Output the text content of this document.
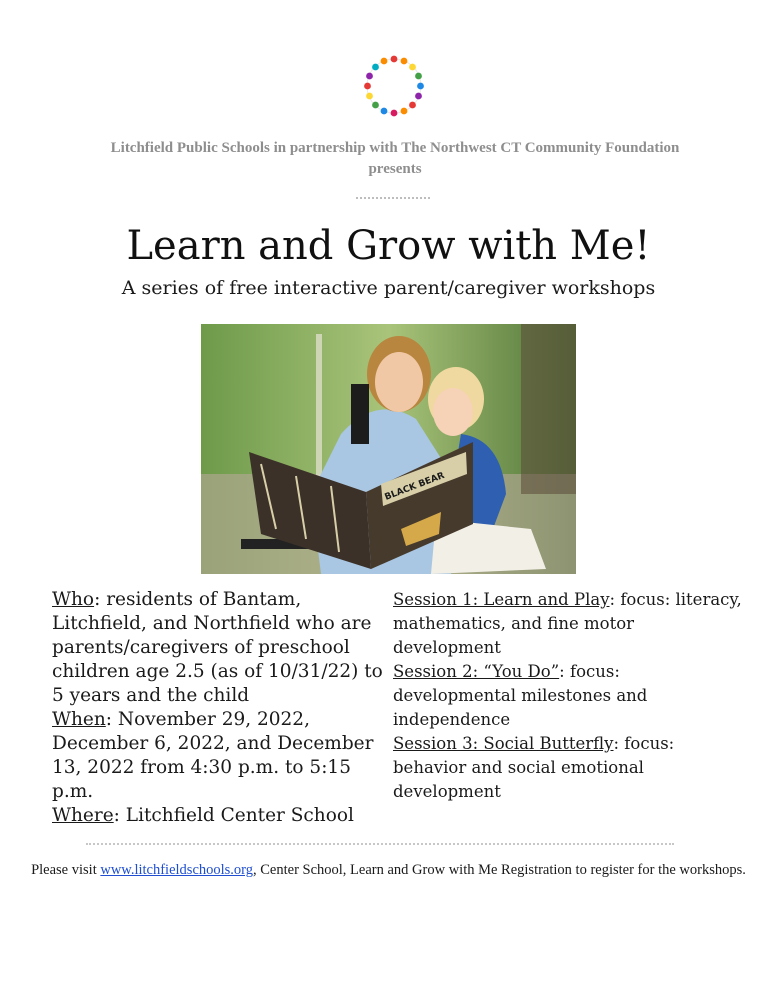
Litchfield Public Schools in partnership with The Northwest CT Community Foundation
presents
Learn and Grow with Me!
A series of free interactive parent/caregiver workshops
BLACK BEAR
Who: residents of Bantam, Litchfield, and Northfield who are parents/caregivers of preschool children age 2.5 (as of 10/31/22) to 5 years and the child
When: November 29, 2022, December 6, 2022, and December 13, 2022 from 4:30 p.m. to 5:15 p.m.
Where: Litchfield Center School
Session 1: Learn and Play: focus: literacy, mathematics, and fine motor development
Session 2: “You Do”: focus: developmental milestones and independence
Session 3: Social Butterfly: focus: behavior and social emotional development
Please visit www.litchfieldschools.org, Center School, Learn and Grow with Me Registration to register for the workshops.
